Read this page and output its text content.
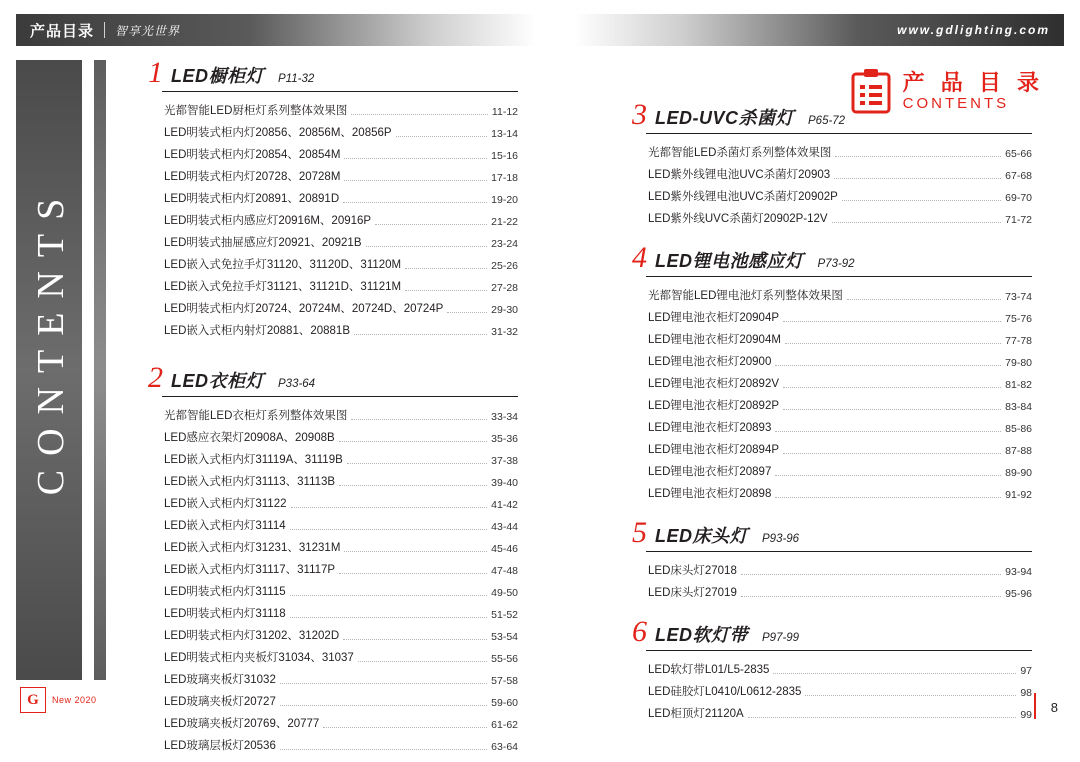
产品目录 智享光世界	www.gdlighting.com
CONTENTS
产 品 目 录
CONTENTS
1 LED橱柜灯 P11-32
光都智能LED厨柜灯系列整体效果图	11-12
LED明装式柜内灯20856、20856M、20856P	13-14
LED明装式柜内灯20854、20854M	15-16
LED明装式柜内灯20728、20728M	17-18
LED明装式柜内灯20891、20891D	19-20
LED明装式柜内感应灯20916M、20916P	21-22
LED明装式抽屉感应灯20921、20921B	23-24
LED嵌入式免拉手灯31120、31120D、31120M	25-26
LED嵌入式免拉手灯31121、31121D、31121M	27-28
LED明装式柜内灯20724、20724M、20724D、20724P	29-30
LED嵌入式柜内射灯20881、20881B	31-32
2 LED衣柜灯 P33-64
光都智能LED衣柜灯系列整体效果图	33-34
LED感应衣架灯20908A、20908B	35-36
LED嵌入式柜内灯31119A、31119B	37-38
LED嵌入式柜内灯31113、31113B	39-40
LED嵌入式柜内灯31122	41-42
LED嵌入式柜内灯31114	43-44
LED嵌入式柜内灯31231、31231M	45-46
LED嵌入式柜内灯31117、31117P	47-48
LED明装式柜内灯31115	49-50
LED明装式柜内灯31118	51-52
LED明装式柜内灯31202、31202D	53-54
LED明装式柜内夹板灯31034、31037	55-56
LED玻璃夹板灯31032	57-58
LED玻璃夹板灯20727	59-60
LED玻璃夹板灯20769、20777	61-62
LED玻璃层板灯20536	63-64
3 LED-UVC杀菌灯 P65-72
光都智能LED杀菌灯系列整体效果图	65-66
LED紫外线锂电池UVC杀菌灯20903	67-68
LED紫外线锂电池UVC杀菌灯20902P	69-70
LED紫外线UVC杀菌灯20902P-12V	71-72
4 LED锂电池感应灯 P73-92
光都智能LED锂电池灯系列整体效果图	73-74
LED锂电池衣柜灯20904P	75-76
LED锂电池衣柜灯20904M	77-78
LED锂电池衣柜灯20900	79-80
LED锂电池衣柜灯20892V	81-82
LED锂电池衣柜灯20892P	83-84
LED锂电池衣柜灯20893	85-86
LED锂电池衣柜灯20894P	87-88
LED锂电池衣柜灯20897	89-90
LED锂电池衣柜灯20898	91-92
5 LED床头灯 P93-96
LED床头灯27018	93-94
LED床头灯27019	95-96
6 LED软灯带 P97-99
LED软灯带L01/L5-2835	97
LED硅胶灯L0410/L0612-2835	98
LED柜顶灯21120A	99
G	New 2020	8
